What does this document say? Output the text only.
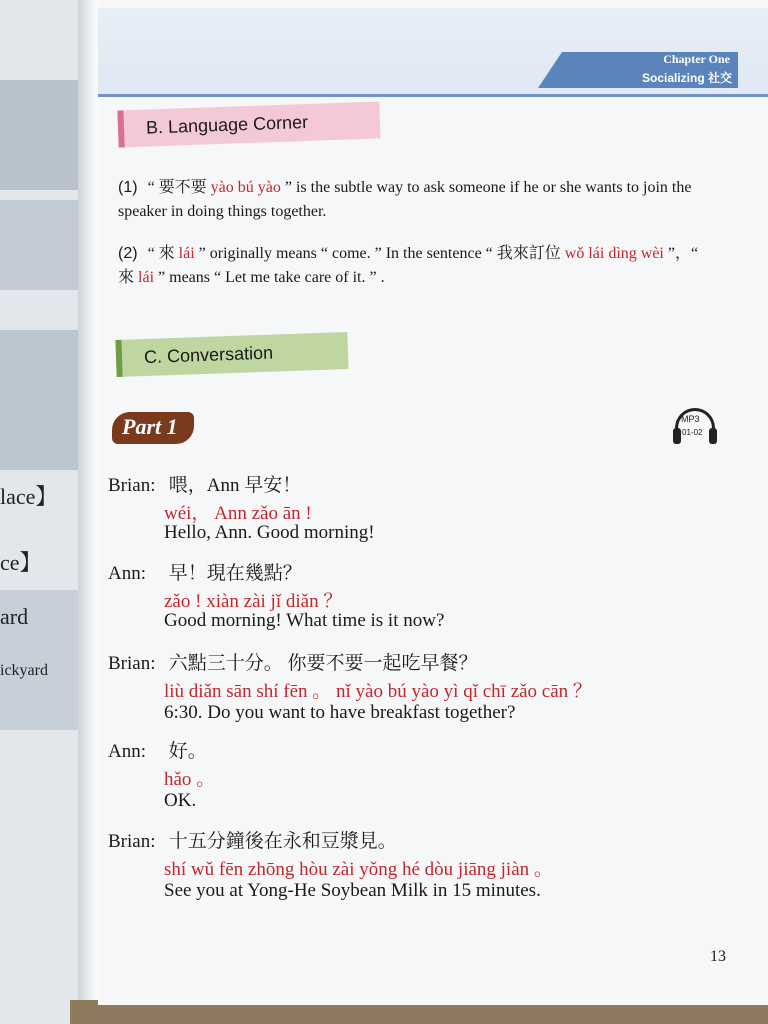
lace】
ce】
ard
ickyard
Chapter One
Socializing 社交
B. Language Corner
(1) “ 要不要 yào bú yào ” is the subtle way to ask someone if he or she wants to join the speaker in doing things together.
(2) “ 來 lái ” originally means “ come. ” In the sentence “ 我來訂位 wǒ lái dìng wèi ”，“ 來 lái ” means “ Let me take care of it. ” .
C. Conversation
Part 1	MP3
01-02
Brian: 喂，Ann 早安！
wéi， Ann zǎo ān !
Hello, Ann. Good morning!
Ann: 早！現在幾點？
zǎo ! xiàn zài jǐ diǎn ？
Good morning! What time is it now?
Brian: 六點三十分。 你要不要一起吃早餐？
liù diǎn sān shí fēn 。 nǐ yào bú yào yì qǐ chī zǎo cān ？
6:30. Do you want to have breakfast together?
Ann: 好。
hǎo 。
OK.
Brian: 十五分鐘後在永和豆漿見。
shí wǔ fēn zhōng hòu zài yǒng hé dòu jiāng jiàn 。
See you at Yong-He Soybean Milk in 15 minutes.
13
